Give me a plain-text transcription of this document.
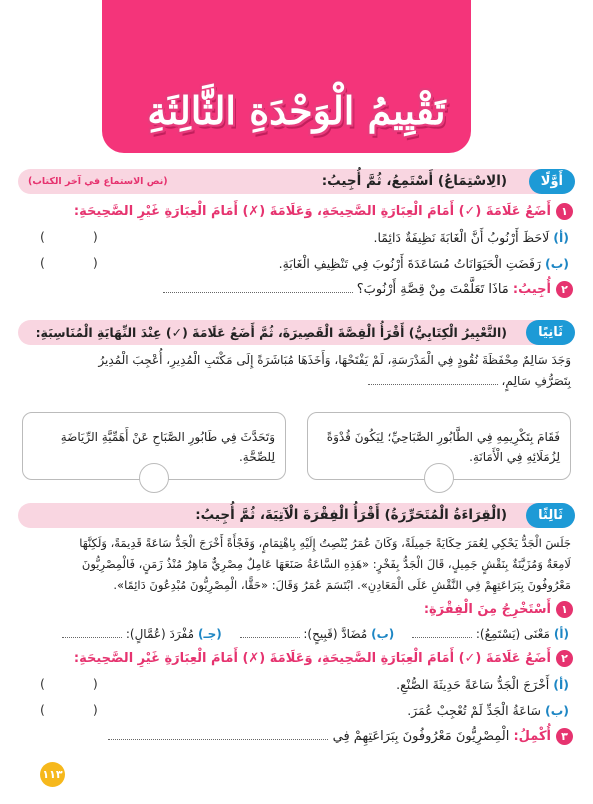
تَقْيِيمُ الْوَحْدَةِ الثَّالِثَةِ
أَوَّلًا
(الِاسْتِمَاعُ) أَسْتَمِعُ، ثُمَّ أُجِيبُ:
(نص الاستماع في آخر الكتاب)
١أَضَعُ عَلَامَةَ (✓) أَمَامَ الْعِبَارَةِ الصَّحِيحَةِ، وَعَلَامَةَ (✗) أَمَامَ الْعِبَارَةِ غَيْرِ الصَّحِيحَةِ:
(أ)لَاحَظَ أَرْنُوبُ أَنَّ الْغَابَةَ نَظِيفَةٌ دَائِمًا.
( )
(ب)رَفَضَتِ الْحَيَوَانَاتُ مُسَاعَدَةَ أَرْنُوبَ فِي تَنْظِيفِ الْغَابَةِ.
( )
٢أُجِيبُ: مَاذَا تَعَلَّمْتَ مِنْ قِصَّةِ أَرْنُوبَ؟
ثَانِيًا
(التَّعْبِيرُ الْكِتَابِيُّ) أَقْرَأُ الْقِصَّةَ الْقَصِيرَةَ، ثُمَّ أَضَعُ عَلَامَةَ (✓) عِنْدَ النِّهَايَةِ الْمُنَاسِبَةِ:
وَجَدَ سَالِمٌ مِحْفَظَةَ نُقُودٍ فِي الْمَدْرَسَةِ، لَمْ يَفْتَحْهَا، وَأَخَذَهَا مُبَاشَرَةً إِلَى مَكْتَبِ الْمُدِيرِ، أُعْجِبَ الْمُدِيرُ
بِتَصَرُّفِ سَالِمٍ،
فَقَامَ بِتَكْرِيمِهِ فِي الطَّابُورِ الصَّبَاحِيِّ؛ لِيَكُونَ قُدْوَةً لِزُمَلَائِهِ فِي الْأَمَانَةِ.
وَتَحَدَّثَ فِي طَابُورِ الصَّبَاحِ عَنْ أَهَمِّيَّةِ الرِّيَاضَةِ لِلصِّحَّةِ.
ثَالِثًا
(الْقِرَاءَةُ الْمُتَحَرِّرَةُ) أَقْرَأُ الْفِقْرَةَ الْآتِيَةَ، ثُمَّ أُجِيبُ:
جَلَسَ الْجَدُّ يَحْكِي لِعُمَرَ حِكَايَةً جَمِيلَةً، وَكَانَ عُمَرُ يُنْصِتُ إِلَيْهِ بِاهْتِمَامٍ، وَفَجْأَةً أَخْرَجَ الْجَدُّ سَاعَةً قَدِيمَةً، وَلَكِنَّهَا
لَامِعَةٌ وَمُزَيَّنَةٌ بِنَقْشٍ جَمِيلٍ، قَالَ الْجَدُّ بِفَخْرٍ: «هَذِهِ السَّاعَةُ صَنَعَهَا عَامِلٌ مِصْرِيٌّ مَاهِرٌ مُنْذُ زَمَنٍ، فَالْمِصْرِيُّونَ
مَعْرُوفُونَ بِبَرَاعَتِهِمْ فِي النَّقْشِ عَلَى الْمَعَادِنِ». ابْتَسَمَ عُمَرُ وَقَالَ: «حَقًّا، الْمِصْرِيُّونَ مُبْدِعُونَ دَائِمًا».
١أَسْتَخْرِجُ مِنَ الْفِقْرَةِ:
(أ)مَعْنَى (يَسْتَمِعُ):  (ب)مُضَادَّ (قَبِيحٍ):  (جـ)مُفْرَدَ (عُمَّالٍ):
٢أَضَعُ عَلَامَةَ (✓) أَمَامَ الْعِبَارَةِ الصَّحِيحَةِ، وَعَلَامَةَ (✗) أَمَامَ الْعِبَارَةِ غَيْرِ الصَّحِيحَةِ:
(أ)أَخْرَجَ الْجَدُّ سَاعَةً حَدِيثَةَ الصُّنْعِ.
( )
(ب)سَاعَةُ الْجَدِّ لَمْ تُعْجِبْ عُمَرَ.
( )
٣أُكْمِلُ: الْمِصْرِيُّونَ مَعْرُوفُونَ بِبَرَاعَتِهِمْ فِي
١١٣
